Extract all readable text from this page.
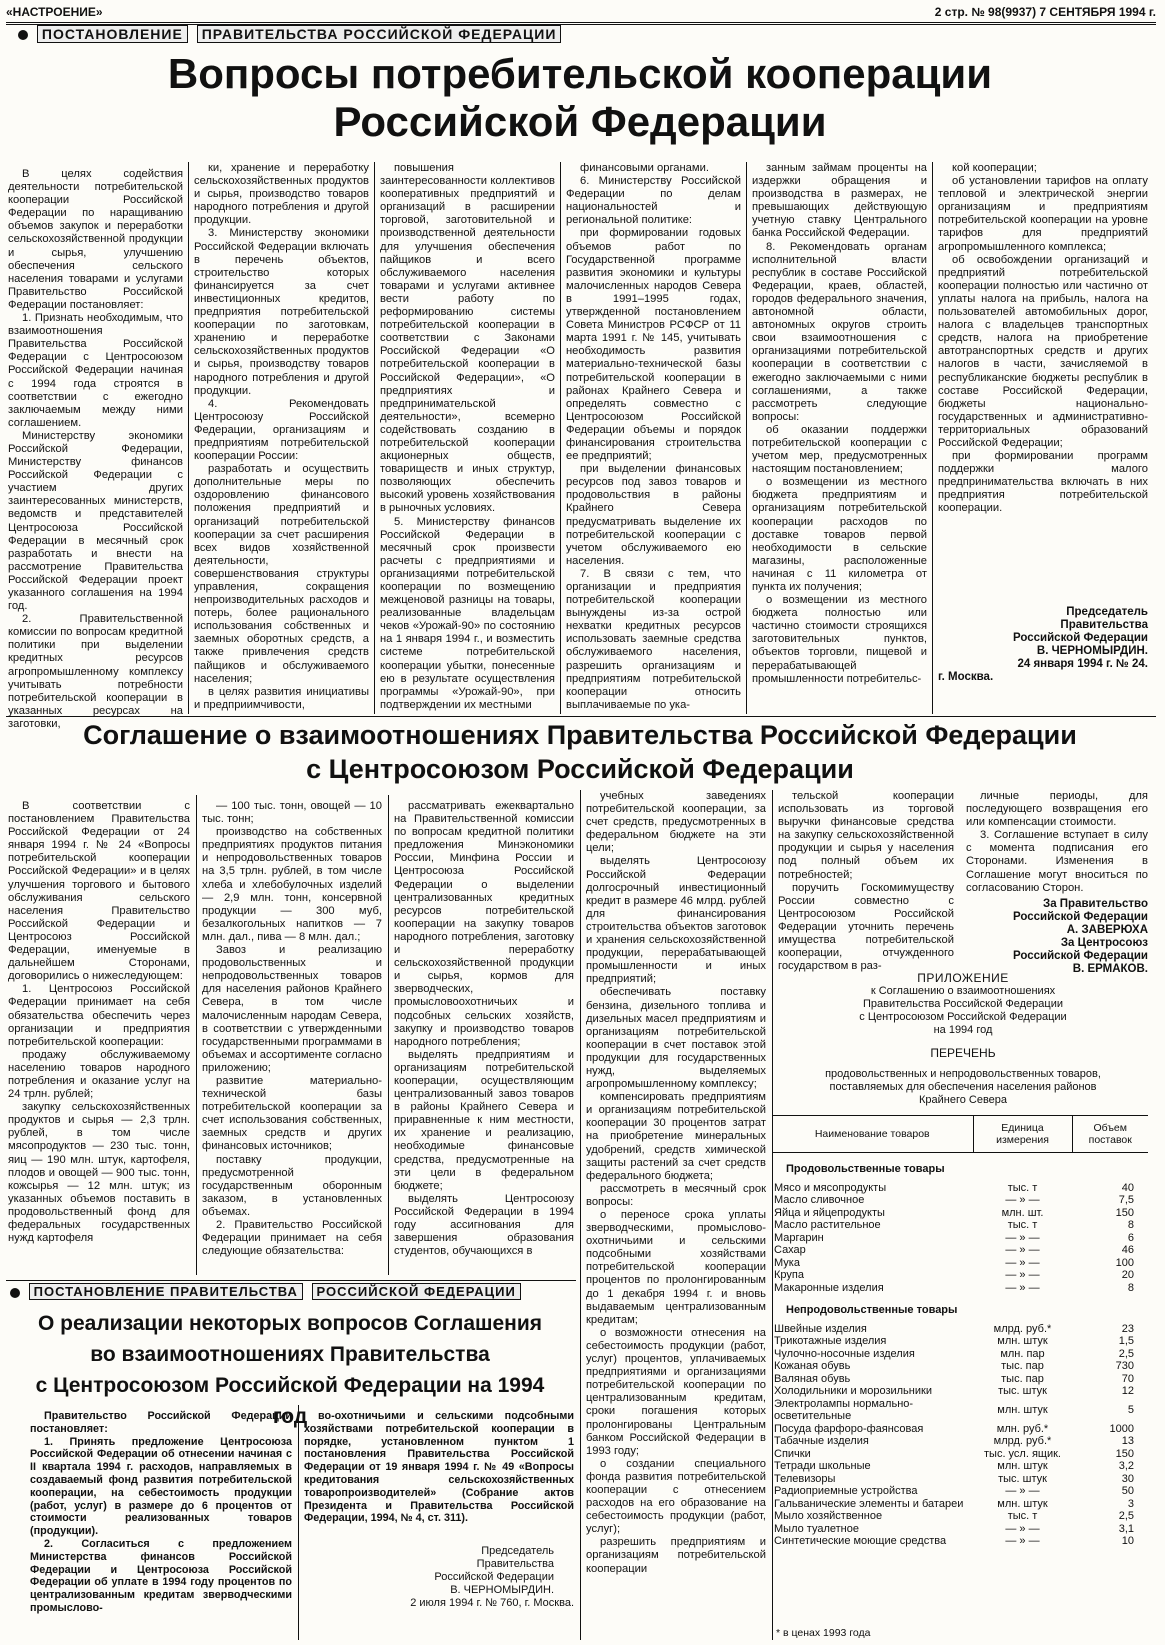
«НАСТРОЕНИЕ»	2 стр. № 98(9937) 7 СЕНТЯБРЯ 1994 г.
ПОСТАНОВЛЕНИЕ ПРАВИТЕЛЬСТВА РОССИЙСКОЙ ФЕДЕРАЦИИ
Вопросы потребительской кооперации
Российской Федерации

В целях содействия деятельности потребительской кооперации Российской Федерации по наращиванию объемов закупок и переработки сельскохозяйственной продукции и сырья, улучшению обеспечения сельского населения товарами и услугами Правительство Российской Федерации постановляет:

1. Признать необходимым, что взаимоотношения Правительства Российской Федерации с Центросоюзом Российской Федерации начиная с 1994 года строятся в соответствии с ежегодно заключаемым между ними соглашением.

Министерству экономики Российской Федерации, Министерству финансов Российской Федерации с участием других заинтересованных министерств, ведомств и представителей Центросоюза Российской Федерации в месячный срок разработать и внести на рассмотрение Правительства Российской Федерации проект указанного соглашения на 1994 год.

2. Правительственной комиссии по вопросам кредитной политики при выделении кредитных ресурсов агропромышленному комплексу учитывать потребности потребительской кооперации в указанных ресурсах на заготовки,

ки, хранение и переработку сельскохозяйственных продуктов и сырья, производство товаров народного потребления и другой продукции.

3. Министерству экономики Российской Федерации включать в перечень объектов, строительство которых финансируется за счет инвестиционных кредитов, предприятия потребительской кооперации по заготовкам, хранению и переработке сельскохозяйственных продуктов и сырья, производству товаров народного потребления и другой продукции.

4. Рекомендовать Центросоюзу Российской Федерации, организациям и предприятиям потребительской кооперации России:

разработать и осуществить дополнительные меры по оздоровлению финансового положения предприятий и организаций потребительской кооперации за счет расширения всех видов хозяйственной деятельности, совершенствования структуры управления, сокращения непроизводительных расходов и потерь, более рационального использования собственных и заемных оборотных средств, а также привлечения средств пайщиков и обслуживаемого населения;

в целях развития инициативы и предприимчивости,

повышения заинтересованности коллективов кооперативных предприятий и организаций в расширении торговой, заготовительной и производственной деятельности для улучшения обеспечения пайщиков и всего обслуживаемого населения товарами и услугами активнее вести работу по реформированию системы потребительской кооперации в соответствии с Законами Российской Федерации «О потребительской кооперации в Российской Федерации», «О предприятиях и предпринимательской деятельности», всемерно содействовать созданию в потребительской кооперации акционерных обществ, товариществ и иных структур, позволяющих обеспечить высокий уровень хозяйствования в рыночных условиях.

5. Министерству финансов Российской Федерации в месячный срок произвести расчеты с предприятиями и организациями потребительской кооперации по возмещению межценовой разницы на товары, реализованные владельцам чеков «Урожай-90» по состоянию на 1 января 1994 г., и возместить системе потребительской кооперации убытки, понесенные ею в результате осуществления программы «Урожай-90», при подтверждении их местными

финансовыми органами.

6. Министерству Российской Федерации по делам национальностей и региональной политике:

при формировании годовых объемов работ по Государственной программе развития экономики и культуры малочисленных народов Севера в 1991–1995 годах, утвержденной постановлением Совета Министров РСФСР от 11 марта 1991 г. № 145, учитывать необходимость развития материально-технической базы потребительской кооперации в районах Крайнего Севера и определять совместно с Центросоюзом Российской Федерации объемы и порядок финансирования строительства ее предприятий;

при выделении финансовых ресурсов под завоз товаров и продовольствия в районы Крайнего Севера предусматривать выделение их потребительской кооперации с учетом обслуживаемого ею населения.

7. В связи с тем, что организации и предприятия потребительской кооперации вынуждены из-за острой нехватки кредитных ресурсов использовать заемные средства обслуживаемого населения, разрешить организациям и предприятиям потребительской кооперации относить выплачиваемые по ука-

занным займам проценты на издержки обращения и производства в размерах, не превышающих действующую учетную ставку Центрального банка Российской Федерации.

8. Рекомендовать органам исполнительной власти республик в составе Российской Федерации, краев, областей, городов федерального значения, автономной области, автономных округов строить свои взаимоотношения с организациями потребительской кооперации в соответствии с ежегодно заключаемыми с ними соглашениями, а также рассмотреть следующие вопросы:

об оказании поддержки потребительской кооперации с учетом мер, предусмотренных настоящим постановлением;

о возмещении из местного бюджета предприятиям и организациям потребительской кооперации расходов по доставке товаров первой необходимости в сельские магазины, расположенные начиная с 11 километра от пункта их получения;

о возмещении из местного бюджета полностью или частично стоимости строящихся заготовительных пунктов, объектов торговли, пищевой и перерабатывающей промышленности потребительс-

кой кооперации;

об установлении тарифов на оплату тепловой и электрической энергии организациям и предприятиям потребительской кооперации на уровне тарифов для предприятий агропромышленного комплекса;

об освобождении организаций и предприятий потребительской кооперации полностью или частично от уплаты налога на прибыль, налога на пользователей автомобильных дорог, налога с владельцев транспортных средств, налога на приобретение автотранспортных средств и других налогов в части, зачисляемой в республиканские бюджеты республик в составе Российской Федерации, бюджеты национально-государственных и административно-территориальных образований Российской Федерации;

при формировании программ поддержки малого предпринимательства включать в них предприятия потребительской кооперации.

Председатель
Правительства
Российской Федерации
В. ЧЕРНОМЫРДИН.
24 января 1994 г. № 24.
г. Москва.
Соглашение о взаимоотношениях Правительства Российской Федерации
с Центросоюзом Российской Федерации

В соответствии с постановлением Правительства Российской Федерации от 24 января 1994 г. № 24 «Вопросы потребительской кооперации Российской Федерации» и в целях улучшения торгового и бытового обслуживания сельского населения Правительство Российской Федерации и Центросоюз Российской Федерации, именуемые в дальнейшем Сторонами, договорились о нижеследующем:

1. Центросоюз Российской Федерации принимает на себя обязательства обеспечить через организации и предприятия потребительской кооперации:

продажу обслуживаемому населению товаров народного потребления и оказание услуг на 24 трлн. рублей;

закупку сельскохозяйственных продуктов и сырья — 2,3 трлн. рублей, в том числе мясопродуктов — 230 тыс. тонн, яиц — 190 млн. штук, картофеля, плодов и овощей — 900 тыс. тонн, кожсырья — 12 млн. штук; из указанных объемов поставить в продовольственный фонд для федеральных государственных нужд картофеля

— 100 тыс. тонн, овощей — 10 тыс. тонн;

производство на собственных предприятиях продуктов питания и непродовольственных товаров на 3,5 трлн. рублей, в том числе хлеба и хлебобулочных изделий — 2,9 млн. тонн, консервной продукции — 300 муб, безалкогольных напитков — 7 млн. дал., пива — 8 млн. дал.;

Завоз и реализацию продовольственных и непродовольственных товаров для населения районов Крайнего Севера, в том числе малочисленным народам Севера, в соответствии с утвержденными государственными программами в объемах и ассортименте согласно приложению;

развитие материально-технической базы потребительской кооперации за счет использования собственных, заемных средств и других финансовых источников;

поставку продукции, предусмотренной государственным оборонным заказом, в установленных объемах.

2. Правительство Российской Федерации принимает на себя следующие обязательства:

рассматривать ежеквартально на Правительственной комиссии по вопросам кредитной политики предложения Минэкономики России, Минфина России и Центросоюза Российской Федерации о выделении централизованных кредитных ресурсов потребительской кооперации на закупку товаров народного потребления, заготовку и переработку сельскохозяйственной продукции и сырья, кормов для зверводческих, промысловоохотничьих и подсобных сельских хозяйств, закупку и производство товаров народного потребления;

выделять предприятиям и организациям потребительской кооперации, осуществляющим централизованный завоз товаров в районы Крайнего Севера и приравненные к ним местности, их хранение и реализацию, необходимые финансовые средства, предусмотренные на эти цели в федеральном бюджете;

выделять Центросоюзу Российской Федерации в 1994 году ассигнования для завершения образования студентов, обучающихся в

учебных заведениях потребительской кооперации, за счет средств, предусмотренных в федеральном бюджете на эти цели;

выделять Центросоюзу Российской Федерации долгосрочный инвестиционный кредит в размере 46 млрд. рублей для финансирования строительства объектов заготовок и хранения сельскохозяйственной продукции, перерабатывающей промышленности и иных предприятий;

обеспечивать поставку бензина, дизельного топлива и дизельных масел предприятиям и организациям потребительской кооперации в счет поставок этой продукции для государственных нужд, выделяемых агропромышленному комплексу;

компенсировать предприятиям и организациям потребительской кооперации 30 процентов затрат на приобретение минеральных удобрений, средств химической защиты растений за счет средств федерального бюджета;

рассмотреть в месячный срок вопросы:

о переносе срока уплаты зверводческими, промыслово-охотничьими и сельскими подсобными хозяйствами потребительской кооперации процентов по пролонгированным до 1 декабря 1994 г. и вновь выдаваемым централизованным кредитам;

о возможности отнесения на себестоимость продукции (работ, услуг) процентов, уплачиваемых предприятиями и организациями потребительской кооперации по централизованным кредитам, сроки погашения которых пролонгированы Центральным банком Российской Федерации в 1993 году;

о создании специального фонда развития потребительской кооперации с отнесением расходов на его образование на себестоимость продукции (работ, услуг);

разрешить предприятиям и организациям потребительской кооперации

тельской кооперации использовать из торговой выручки финансовые средства на закупку сельскохозяйственной продукции и сырья у населения под полный объем их потребностей;

поручить Госкомимуществу России совместно с Центросоюзом Российской Федерации уточнить перечень имущества потребительской кооперации, отчужденного государством в раз-

личные периоды, для последующего возвращения его или компенсации стоимости.

3. Соглашение вступает в силу с момента подписания его Сторонами. Изменения в Соглашение могут вноситься по согласованию Сторон.

За Правительство
Российской Федерации
А. ЗАВЕРЮХА
За Центросоюз
Российской Федерации
В. ЕРМАКОВ.
ПРИЛОЖЕНИЕ
к Соглашению о взаимоотношениях
Правительства Российской Федерации
с Центросоюзом Российской Федерации
на 1994 год
ПЕРЕЧЕНЬ
продовольственных и непродовольственных товаров,
поставляемых для обеспечения населения районов
Крайнего Севера
Наименование товаров	Единица измерения	Объем поставок
Продовольственные товары		
Мясо и мясопродукты	тыс. т	40
Масло сливочное	— » —	7,5
Яйца и яйцепродукты	млн. шт.	150
Масло растительное	тыс. т	8
Маргарин	— » —	6
Сахар	— » —	46
Мука	— » —	100
Крупа	— » —	20
Макаронные изделия	— » —	8
Непродовольственные товары		
Швейные изделия	млрд. руб.*	23
Трикотажные изделия	млн. штук	1,5
Чулочно-носочные изделия	млн. пар	2,5
Кожаная обувь	тыс. пар	730
Валяная обувь	тыс. пар	70
Холодильники и морозильники	тыс. штук	12
Электролампы нормально-осветительные	млн. штук	5
Посуда фарфоро-фаянсовая	млн. руб.*	1000
Табачные изделия	млрд. руб.*	13
Спички	тыс. усл. ящик.	150
Тетради школьные	млн. штук	3,2
Телевизоры	тыс. штук	30
Радиоприемные устройства	— » —	50
Гальванические элементы и батареи	млн. штук	3
Мыло хозяйственное	тыс. т	2,5
Мыло туалетное	— » —	3,1
Синтетические моющие средства	— » —	10
* в ценах 1993 года
ПОСТАНОВЛЕНИЕ ПРАВИТЕЛЬСТВА РОССИЙСКОЙ ФЕДЕРАЦИИ
О реализации некоторых вопросов Соглашения
во взаимоотношениях Правительства
с Центросоюзом Российской Федерации на 1994 год

Правительство Российской Федерации постановляет:

1. Принять предложение Центросоюза Российской Федерации об отнесении начиная с II квартала 1994 г. расходов, направляемых в создаваемый фонд развития потребительской кооперации, на себестоимость продукции (работ, услуг) в размере до 6 процентов от стоимости реализованных товаров (продукции).

2. Согласиться с предложением Министерства финансов Российской Федерации и Центросоюза Российской Федерации об уплате в 1994 году процентов по централизованным кредитам зверводческими промыслово-

во-охотничьими и сельскими подсобными хозяйствами потребительской кооперации в порядке, установленном пунктом 1 постановления Правительства Российской Федерации от 19 января 1994 г. № 49 «Вопросы кредитования сельскохозяйственных товаропроизводителей» (Собрание актов Президента и Правительства Российской Федерации, 1994, № 4, ст. 311).

Председатель
Правительства
Российской Федерации
В. ЧЕРНОМЫРДИН.
2 июля 1994 г. № 760, г. Москва.
